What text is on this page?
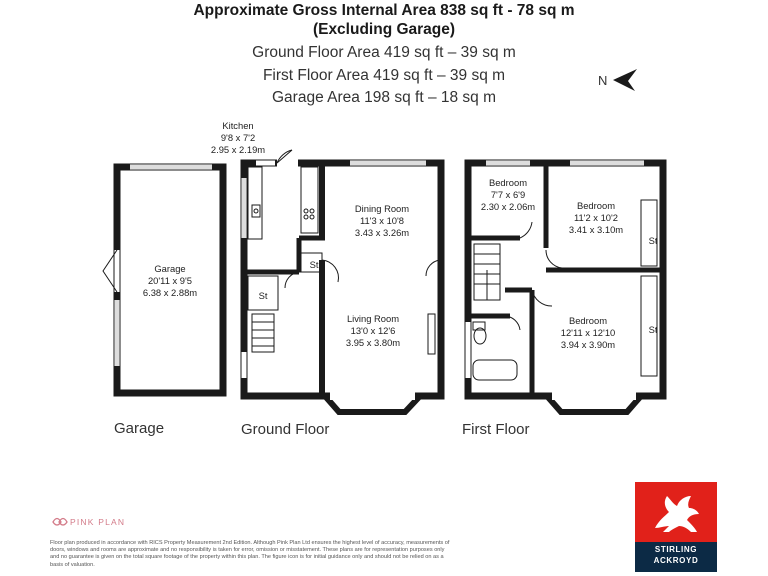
Approximate Gross Internal Area 838 sq ft - 78 sq m
(Excluding Garage)
Ground Floor Area 419 sq ft – 39 sq m
First Floor Area 419 sq ft – 39 sq m
Garage Area 198 sq ft – 18 sq m
N
Kitchen
9'8 x 7'2
2.95 x 2.19m
Garage
20'11 x 9'5
6.38 x 2.88m
Dining Room
11'3 x 10'8
3.43 x 3.26m
Living Room
13'0 x 12'6
3.95 x 3.80m
St
St
Bedroom
7'7 x 6'9
2.30 x 2.06m	Bedroom
11'2 x 10'2
3.41 x 3.10m
Bedroom
12'11 x 12'10
3.94 x 3.90m
St
St
Garage	Ground Floor	First Floor
PINK PLAN
Floor plan produced in accordance with RICS Property Measurement 2nd Edition. Although Pink Plan Ltd ensures the highest level of accuracy, measurements of doors, windows and rooms are approximate and no responsibility is taken for error, omission or misstatement. These plans are for representation purposes only and no guarantee is given on the total square footage of the property within this plan. The figure icon is for initial guidance only and should not be relied on as a basis of valuation.
STIRLING
ACKROYD
